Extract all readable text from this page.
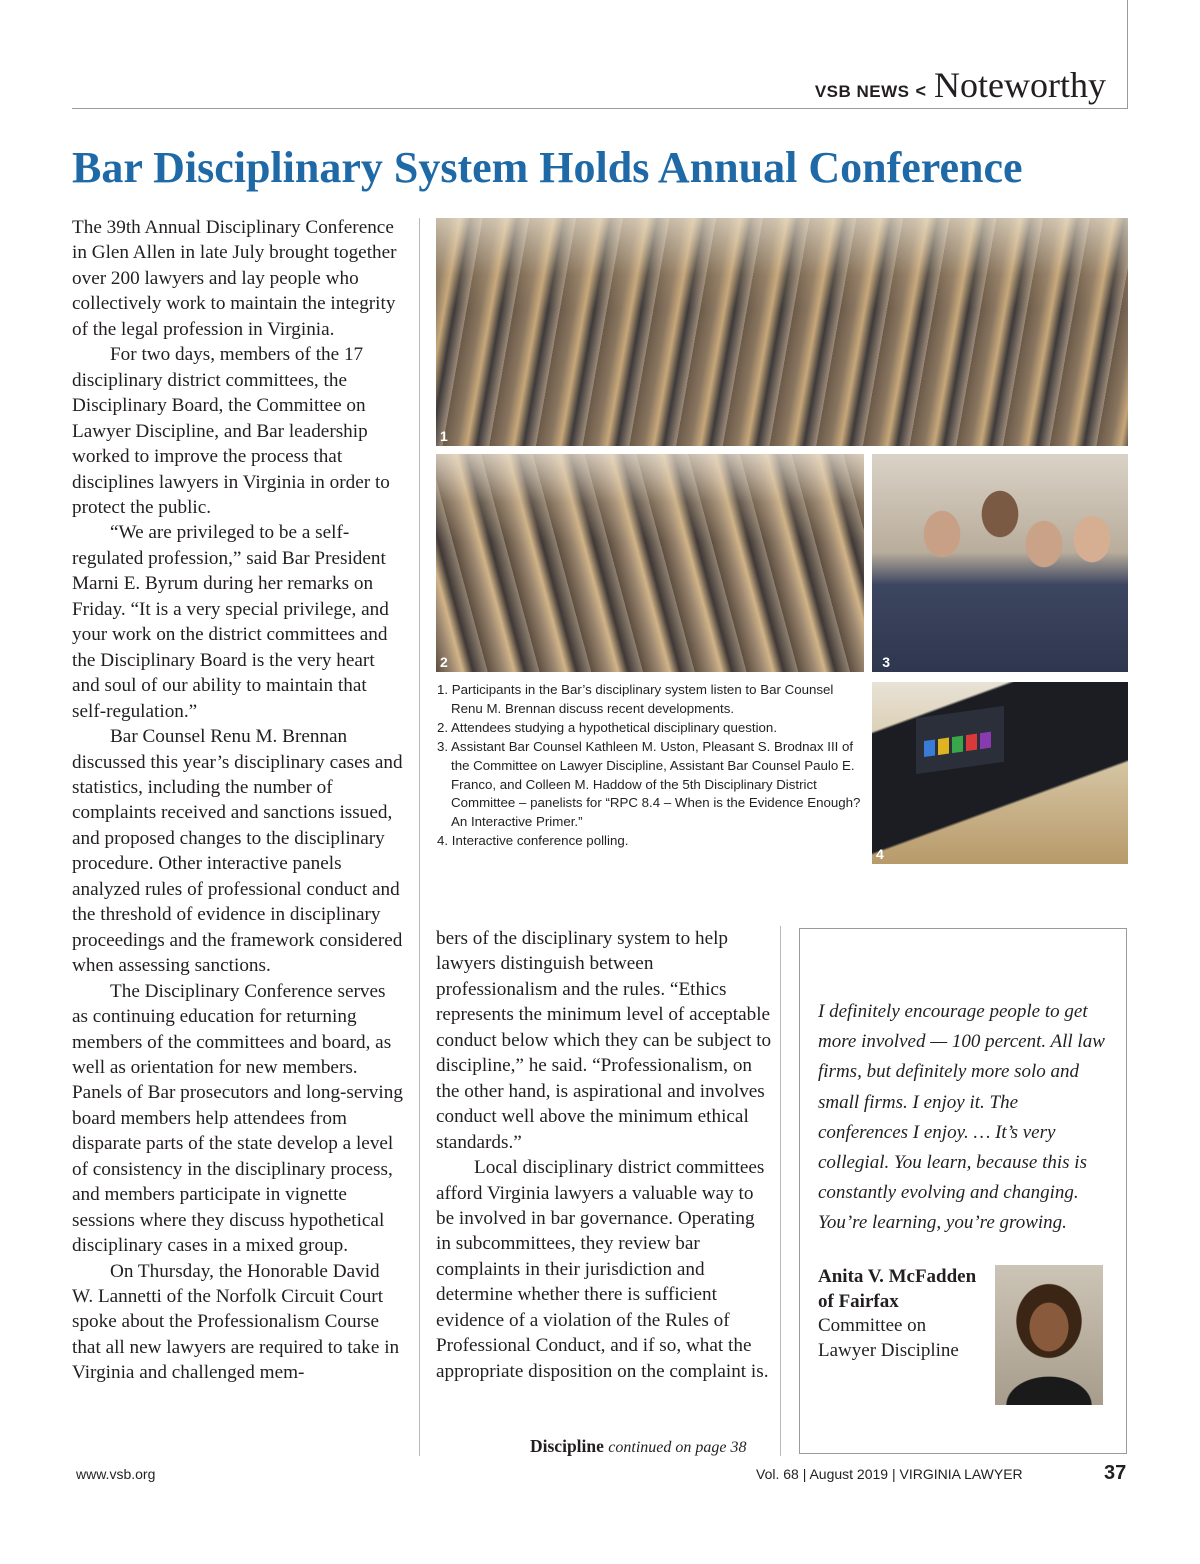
VSB NEWS < Noteworthy
Bar Disciplinary System Holds Annual Conference

The 39th Annual Disciplinary Conference in Glen Allen in late July brought together over 200 lawyers and lay people who collectively work to maintain the integrity of the legal profession in Virginia.

For two days, members of the 17 disciplinary district committees, the Disciplinary Board, the Committee on Lawyer Discipline, and Bar leadership worked to improve the process that disciplines lawyers in Virginia in order to protect the public.

“We are privileged to be a self-regulated profession,” said Bar President Marni E. Byrum during her remarks on Friday. “It is a very special privilege, and your work on the district committees and the Disciplinary Board is the very heart and soul of our ability to maintain that self-regulation.”

Bar Counsel Renu M. Brennan discussed this year’s disciplinary cases and statistics, including the number of complaints received and sanctions issued, and proposed changes to the disciplinary procedure. Other interactive panels analyzed rules of professional conduct and the threshold of evidence in disciplinary proceedings and the framework considered when assessing sanctions.

The Disciplinary Conference serves as continuing education for returning members of the committees and board, as well as orientation for new members. Panels of Bar prosecutors and long-serving board members help attendees from disparate parts of the state develop a level of consistency in the disciplinary process, and members participate in vignette sessions where they discuss hypothetical disciplinary cases in a mixed group.

On Thursday, the Honorable David W. Lannetti of the Norfolk Circuit Court spoke about the Professionalism Course that all new lawyers are required to take in Virginia and challenged mem-

1
2	3
4
1. Participants in the Bar’s disciplinary system listen to Bar Counsel Renu M. Brennan discuss recent developments.
2. Attendees studying a hypothetical disciplinary question.
3. Assistant Bar Counsel Kathleen M. Uston, Pleasant S. Brodnax III of the Committee on Lawyer Discipline, Assistant Bar Counsel Paulo E. Franco, and Colleen M. Haddow of the 5th Disciplinary District Committee – panelists for “RPC 8.4 – When is the Evidence Enough? An Interactive Primer.”
4. Interactive conference polling.

bers of the disciplinary system to help lawyers distinguish between professionalism and the rules. “Ethics represents the minimum level of acceptable conduct below which they can be subject to discipline,” he said. “Professionalism, on the other hand, is aspirational and involves conduct well above the minimum ethical standards.”

Local disciplinary district committees afford Virginia lawyers a valuable way to be involved in bar governance. Operating in subcommittees, they review bar complaints in their jurisdiction and determine whether there is sufficient evidence of a violation of the Rules of Professional Conduct, and if so, what the appropriate disposition on the complaint is.

Discipline continued on page 38
I definitely encourage people to get more involved — 100 percent. All law firms, but definitely more solo and small firms. I enjoy it. The conferences I enjoy. … It’s very collegial. You learn, because this is constantly evolving and changing. You’re learning, you’re growing.
Anita V. McFadden
of Fairfax
Committee on
Lawyer Discipline
www.vsb.org	Vol. 68 | August 2019 | VIRGINIA LAWYER	37
